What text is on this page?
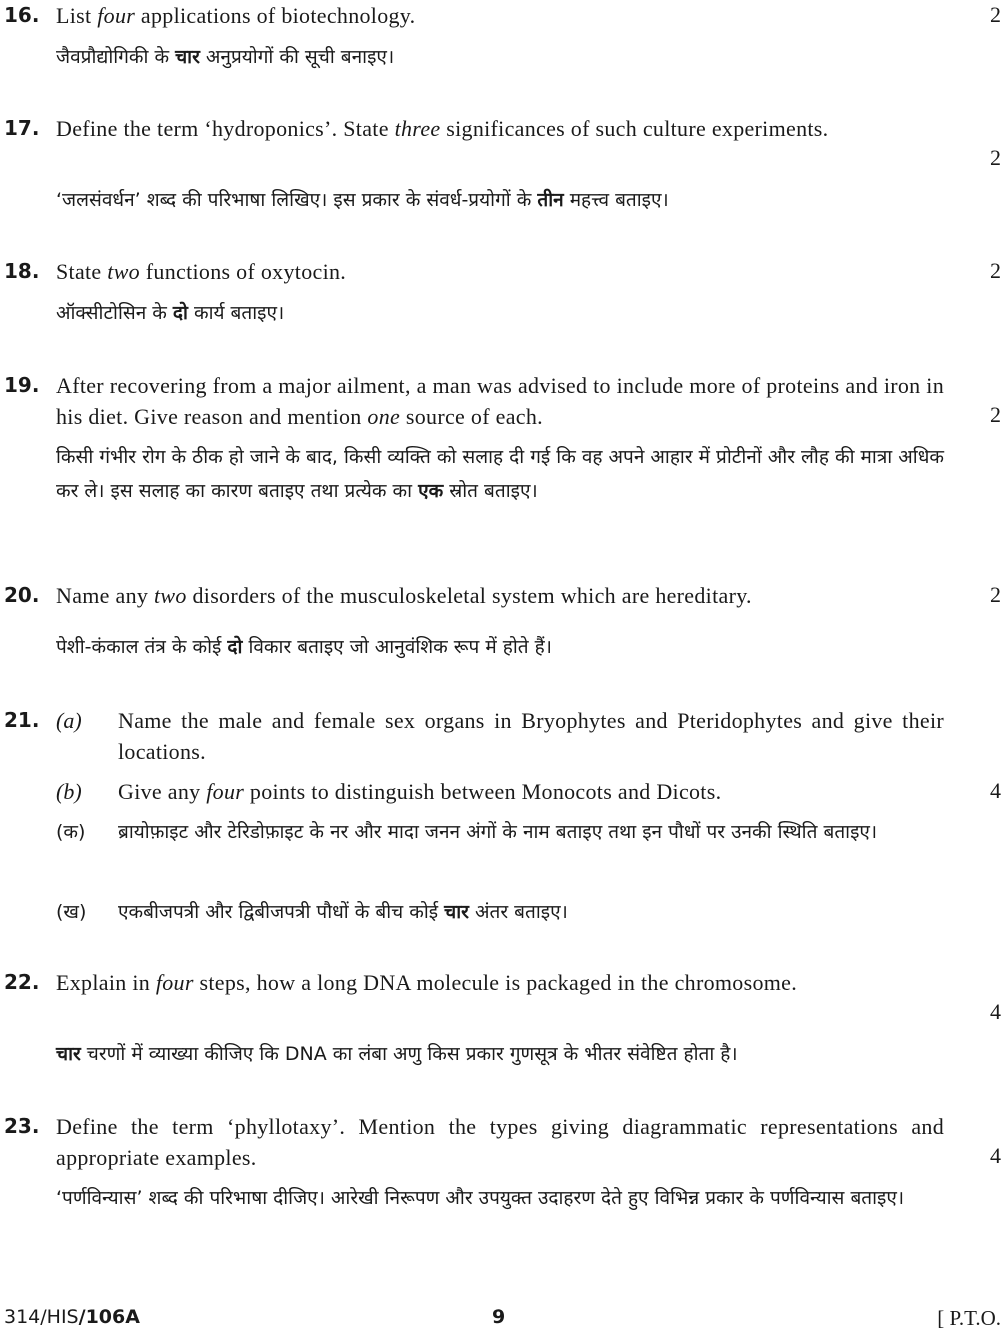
16. List four applications of biotechnology.	2
जैवप्रौद्योगिकी के चार अनुप्रयोगों की सूची बनाइए।
17. Define the term ‘hydroponics’. State three significances of such culture experiments.
2
‘जलसंवर्धन’ शब्द की परिभाषा लिखिए। इस प्रकार के संवर्ध-प्रयोगों के तीन महत्त्व बताइए।
18. State two functions of oxytocin.	2
ऑक्सीटोसिन के दो कार्य बताइए।
19. After recovering from a major ailment, a man was advised to include more of proteins and iron in his diet. Give reason and mention one source of each.	2
किसी गंभीर रोग के ठीक हो जाने के बाद, किसी व्यक्ति को सलाह दी गई कि वह अपने आहार में प्रोटीनों और लौह की मात्रा अधिक कर ले। इस सलाह का कारण बताइए तथा प्रत्येक का एक स्रोत बताइए।
20. Name any two disorders of the musculoskeletal system which are hereditary.	2
पेशी-कंकाल तंत्र के कोई दो विकार बताइए जो आनुवंशिक रूप में होते हैं।
21. (a) Name the male and female sex organs in Bryophytes and Pteridophytes and give their locations.
(b) Give any four points to distinguish between Monocots and Dicots.	4
(क) ब्रायोफ़ाइट और टेरिडोफ़ाइट के नर और मादा जनन अंगों के नाम बताइए तथा इन पौधों पर उनकी स्थिति बताइए।
(ख) एकबीजपत्री और द्विबीजपत्री पौधों के बीच कोई चार अंतर बताइए।
22. Explain in four steps, how a long DNA molecule is packaged in the chromosome.
4
चार चरणों में व्याख्या कीजिए कि DNA का लंबा अणु किस प्रकार गुणसूत्र के भीतर संवेष्टित होता है।
23. Define the term ‘phyllotaxy’. Mention the types giving diagrammatic representations and appropriate examples.	4
‘पर्णविन्यास’ शब्द की परिभाषा दीजिए। आरेखी निरूपण और उपयुक्त उदाहरण देते हुए विभिन्न प्रकार के पर्णविन्यास बताइए।
314/HIS/106A	9	[ P.T.O.
